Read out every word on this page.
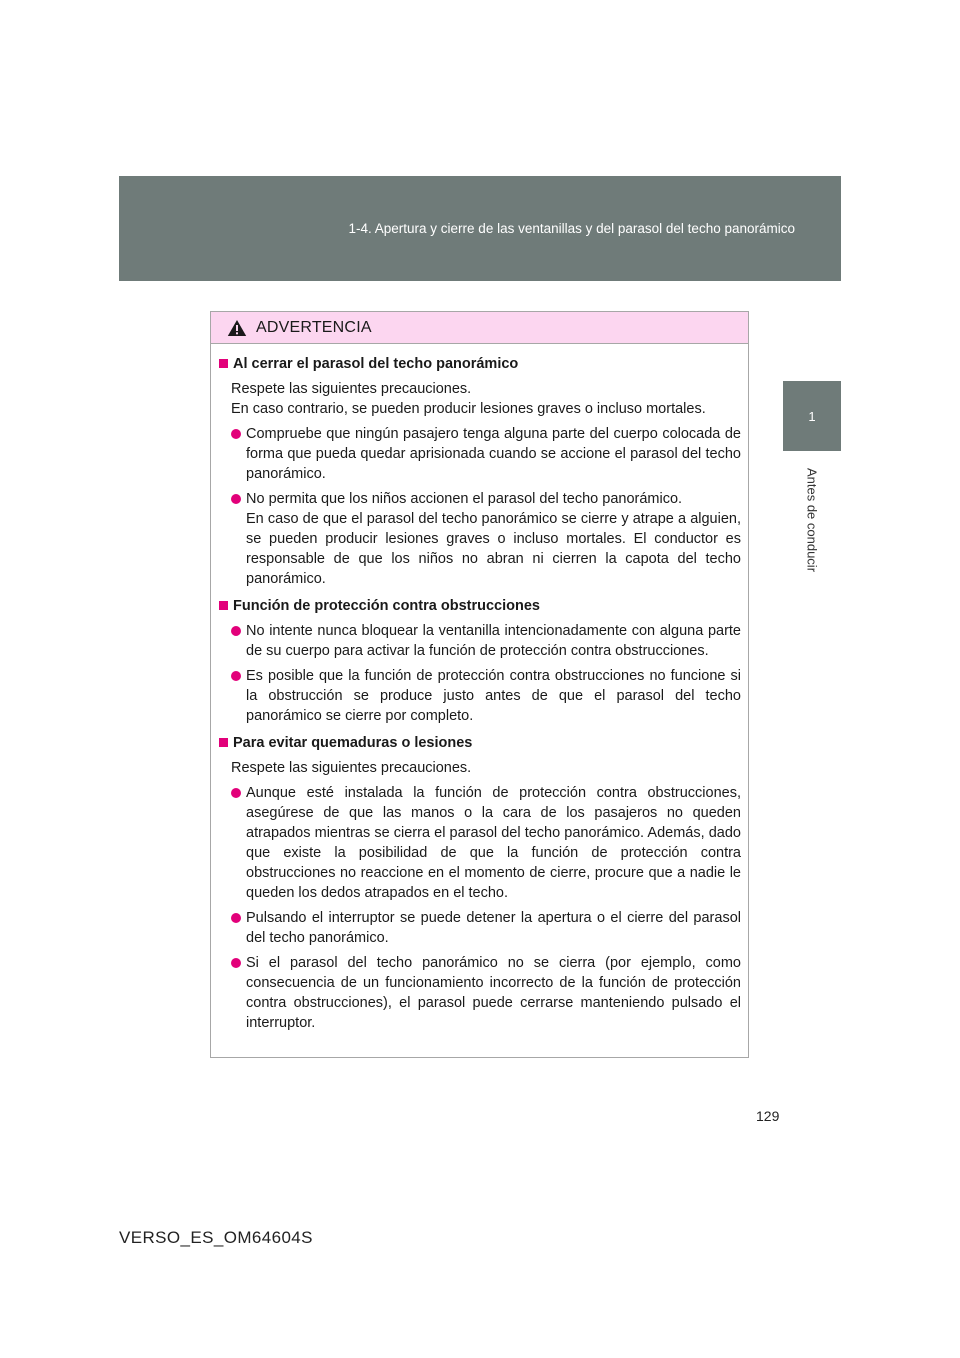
1-4. Apertura y cierre de las ventanillas y del parasol del techo panorámico
1
Antes de conducir
ADVERTENCIA
Al cerrar el parasol del techo panorámico
Respete las siguientes precauciones.
En caso contrario, se pueden producir lesiones graves o incluso mortales.
Compruebe que ningún pasajero tenga alguna parte del cuerpo colocada de forma que pueda quedar aprisionada cuando se accione el parasol del techo panorámico.
No permita que los niños accionen el parasol del techo panorámico.
En caso de que el parasol del techo panorámico se cierre y atrape a alguien, se pueden producir lesiones graves o incluso mortales. El conductor es responsable de que los niños no abran ni cierren la capota del techo panorámico.
Función de protección contra obstrucciones
No intente nunca bloquear la ventanilla intencionadamente con alguna parte de su cuerpo para activar la función de protección contra obstrucciones.
Es posible que la función de protección contra obstrucciones no funcione si la obstrucción se produce justo antes de que el parasol del techo panorámico se cierre por completo.
Para evitar quemaduras o lesiones
Respete las siguientes precauciones.
Aunque esté instalada la función de protección contra obstrucciones, asegúrese de que las manos o la cara de los pasajeros no queden atrapados mientras se cierra el parasol del techo panorámico. Además, dado que existe la posibilidad de que la función de protección contra obstrucciones no reaccione en el momento de cierre, procure que a nadie le queden los dedos atrapados en el techo.
Pulsando el interruptor se puede detener la apertura o el cierre del parasol del techo panorámico.
Si el parasol del techo panorámico no se cierra (por ejemplo, como consecuencia de un funcionamiento incorrecto de la función de protección contra obstrucciones), el parasol puede cerrarse manteniendo pulsado el interruptor.
129
VERSO_ES_OM64604S
